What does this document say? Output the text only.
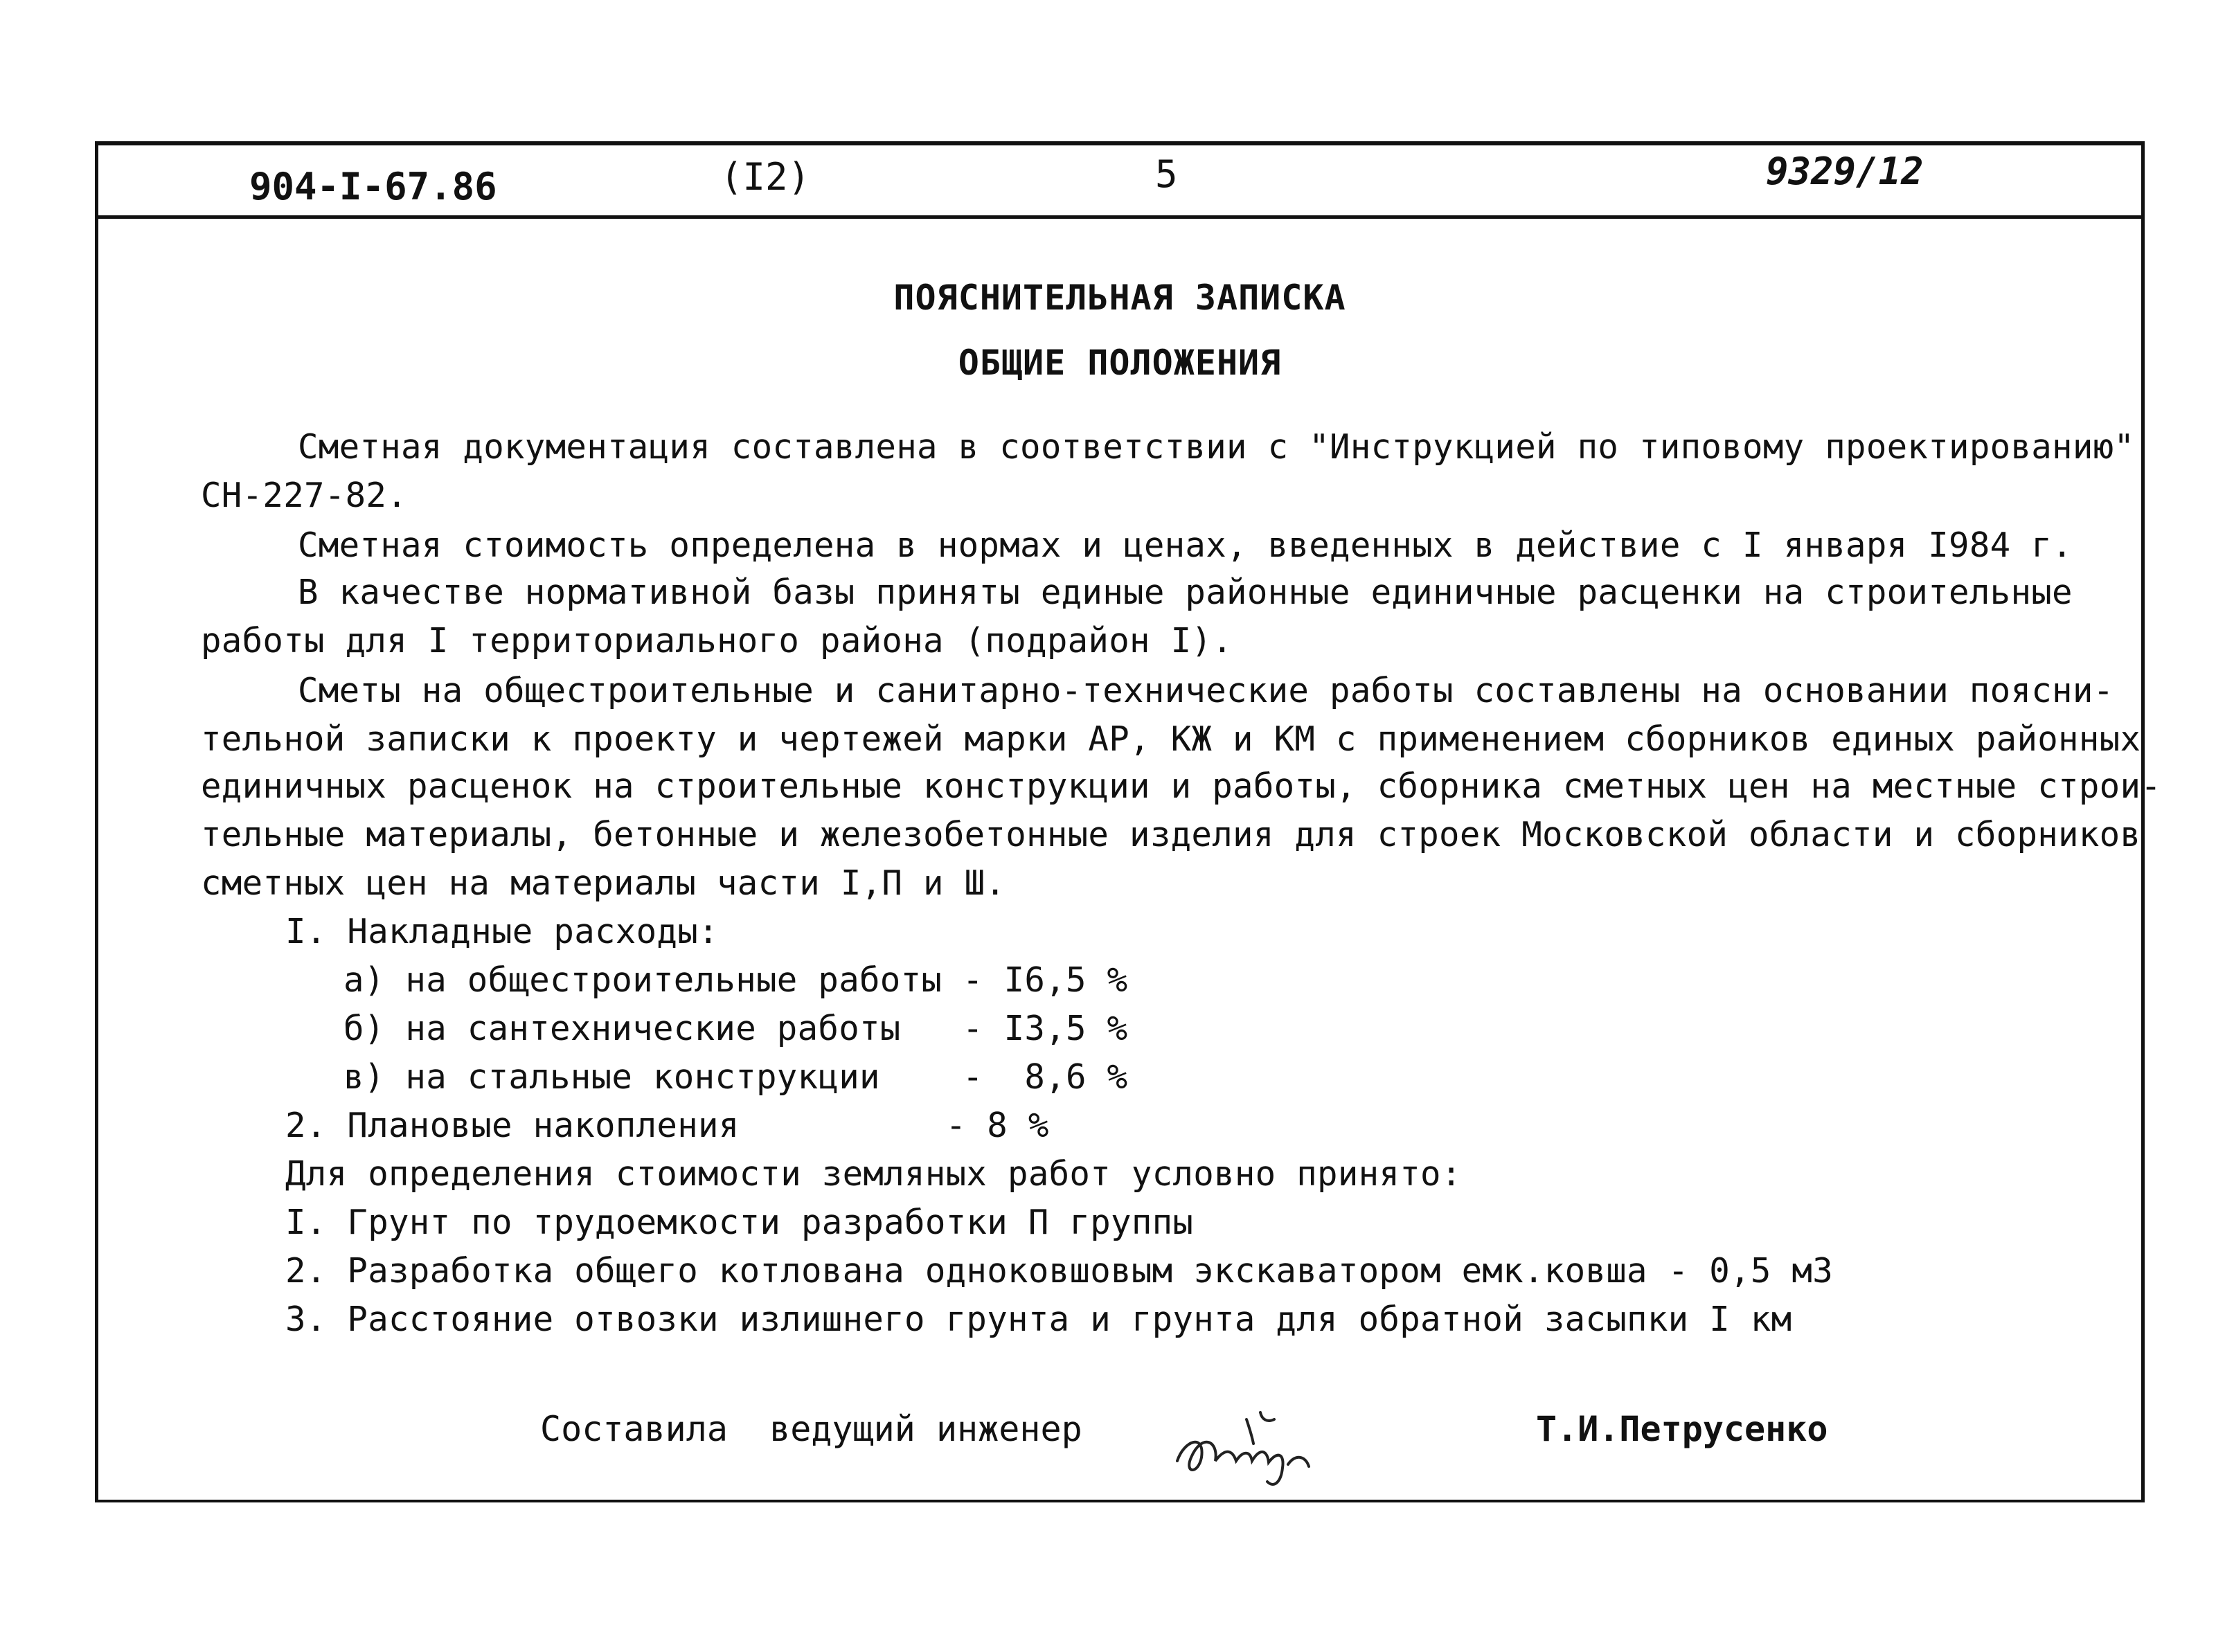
904-I-67.86	(I2)	5	9329/12
ПОЯСНИТЕЛЬНАЯ ЗАПИСКА
ОБЩИЕ ПОЛОЖЕНИЯ
Сметная документация составлена в соответствии с "Инструкцией по типовому проектированию"
СН-227-82.
Сметная стоимость определена в нормах и ценах, введенных в действие с I января I984 г.
В качестве нормативной базы приняты единые районные единичные расценки на строительные
работы для I территориального района (подрайон I).
Сметы на общестроительные и санитарно-технические работы составлены на основании поясни-
тельной записки к проекту и чертежей марки АР, КЖ и КМ с применением сборников единых районных
единичных расценок на строительные конструкции и работы, сборника сметных цен на местные строи-
тельные материалы, бетонные и железобетонные изделия для строек Московской области и сборников
сметных цен на материалы части I,П и Ш.
I. Накладные расходы:
а) на общестроительные работы - I6,5 %
б) на сантехнические работы   - I3,5 %
в) на стальные конструкции    -  8,6 %
2. Плановые накопления          - 8 %
Для определения стоимости земляных работ условно принято:
I. Грунт по трудоемкости разработки П группы
2. Разработка общего котлована одноковшовым экскаватором емк.ковша - 0,5 м3
3. Расстояние отвозки излишнего грунта и грунта для обратной засыпки I км
Составила  ведущий инженер	Т.И.Петрусенко
